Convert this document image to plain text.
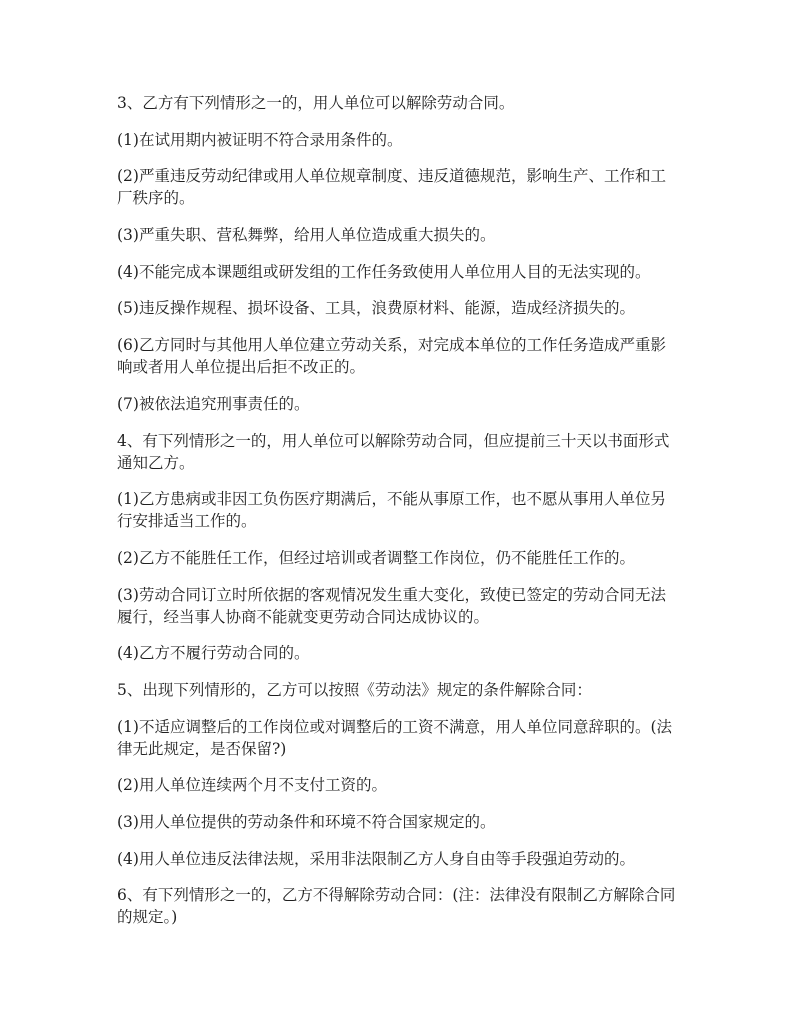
3、乙方有下列情形之一的，用人单位可以解除劳动合同。

(1)在试用期内被证明不符合录用条件的。

(2)严重违反劳动纪律或用人单位规章制度、违反道德规范，影响生产、工作和工
厂秩序的。

(3)严重失职、营私舞弊，给用人单位造成重大损失的。

(4)不能完成本课题组或研发组的工作任务致使用人单位用人目的无法实现的。

(5)违反操作规程、损坏设备、工具，浪费原材料、能源，造成经济损失的。

(6)乙方同时与其他用人单位建立劳动关系，对完成本单位的工作任务造成严重影
响或者用人单位提出后拒不改正的。

(7)被依法追究刑事责任的。

4、有下列情形之一的，用人单位可以解除劳动合同，但应提前三十天以书面形式
通知乙方。

(1)乙方患病或非因工负伤医疗期满后，不能从事原工作，也不愿从事用人单位另
行安排适当工作的。

(2)乙方不能胜任工作，但经过培训或者调整工作岗位，仍不能胜任工作的。

(3)劳动合同订立时所依据的客观情况发生重大变化，致使已签定的劳动合同无法
履行，经当事人协商不能就变更劳动合同达成协议的。

(4)乙方不履行劳动合同的。

5、出现下列情形的，乙方可以按照《劳动法》规定的条件解除合同：

(1)不适应调整后的工作岗位或对调整后的工资不满意，用人单位同意辞职的。(法
律无此规定，是否保留?)

(2)用人单位连续两个月不支付工资的。

(3)用人单位提供的劳动条件和环境不符合国家规定的。

(4)用人单位违反法律法规，采用非法限制乙方人身自由等手段强迫劳动的。

6、有下列情形之一的，乙方不得解除劳动合同：(注：法律没有限制乙方解除合同
的规定。)
